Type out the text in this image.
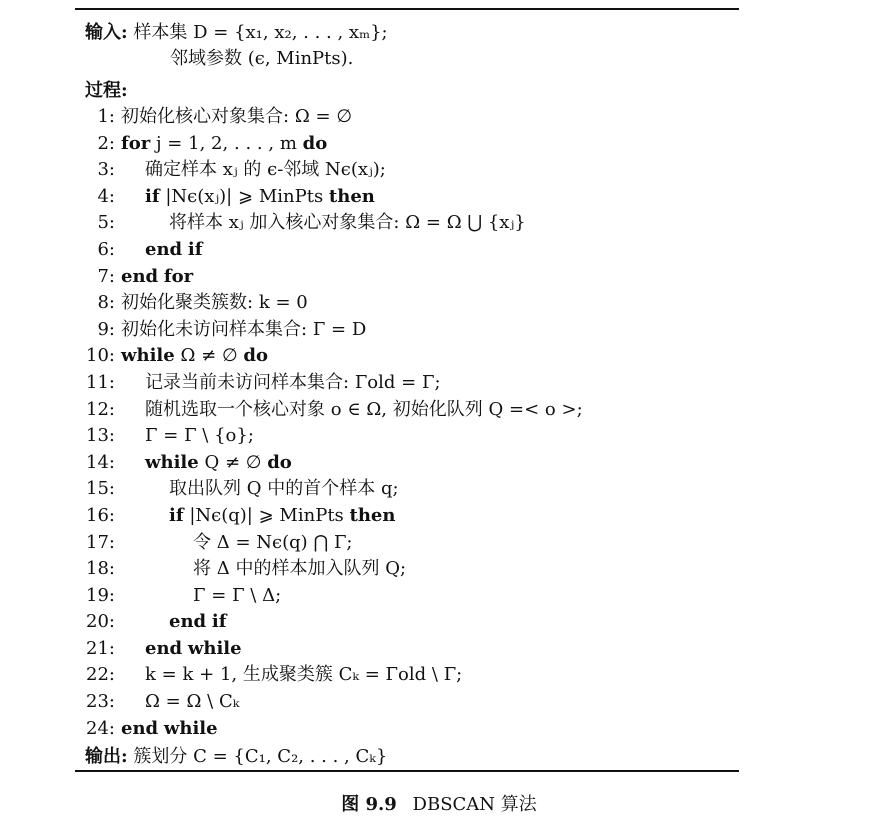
输入: 样本集 D = {x₁, x₂, . . . , xₘ};
邻域参数 (ϵ, MinPts).
过程:
1: 初始化核心对象集合: Ω = ∅
2: for j = 1, 2, . . . , m do
3: 确定样本 xⱼ 的 ϵ-邻域 Nϵ(xⱼ);
4: if |Nϵ(xⱼ)| ⩾ MinPts then
5:	将样本 xⱼ 加入核心对象集合: Ω = Ω ⋃ {xⱼ}
6: end if
7: end for
8: 初始化聚类簇数: k = 0
9: 初始化未访问样本集合: Γ = D
10: while Ω ≠ ∅ do
11: 记录当前未访问样本集合: Γold = Γ;
12: 随机选取一个核心对象 o ∈ Ω, 初始化队列 Q =< o >;
13: Γ = Γ \ {o};
14: while Q ≠ ∅ do
15:	取出队列 Q 中的首个样本 q;
16:	if |Nϵ(q)| ⩾ MinPts then
17:	令 Δ = Nϵ(q) ⋂ Γ;
18:	将 Δ 中的样本加入队列 Q;
19:	Γ = Γ \ Δ;
20:	end if
21: end while
22: k = k + 1, 生成聚类簇 Cₖ = Γold \ Γ;
23: Ω = Ω \ Cₖ
24: end while
输出: 簇划分 C = {C₁, C₂, . . . , Cₖ}
图 9.9 DBSCAN 算法
